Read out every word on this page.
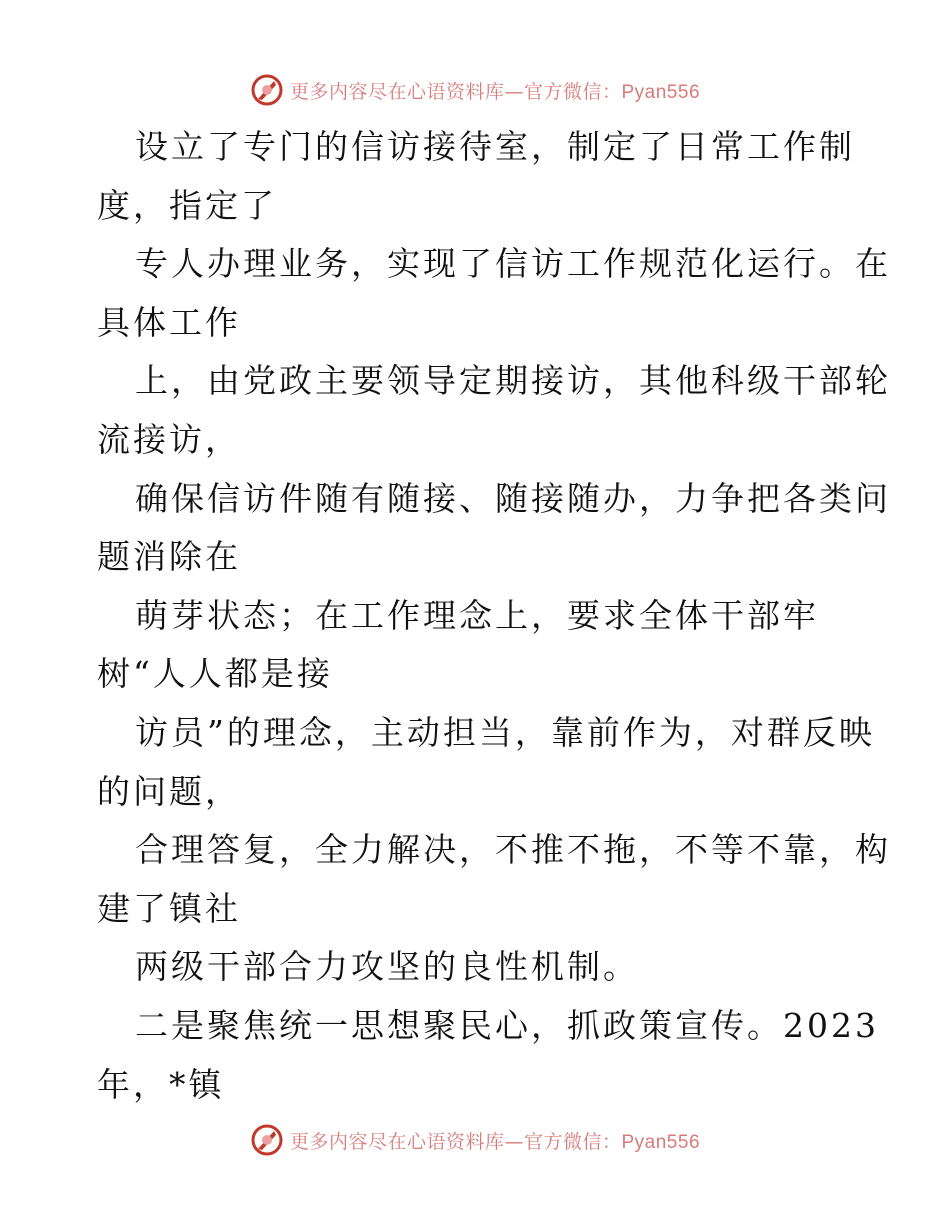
更多内容尽在心语资料库—官方微信：Pyan556
设立了专门的信访接待室，制定了日常工作制
度，指定了
专人办理业务，实现了信访工作规范化运行。在
具体工作
上，由党政主要领导定期接访，其他科级干部轮
流接访，
确保信访件随有随接、随接随办，力争把各类问
题消除在
萌芽状态；在工作理念上，要求全体干部牢
树“人人都是接
访员”的理念，主动担当，靠前作为，对群反映
的问题，
合理答复，全力解决，不推不拖，不等不靠，构
建了镇社
两级干部合力攻坚的良性机制。
二是聚焦统一思想聚民心，抓政策宣传。2023
年，*镇
更多内容尽在心语资料库—官方微信：Pyan556
